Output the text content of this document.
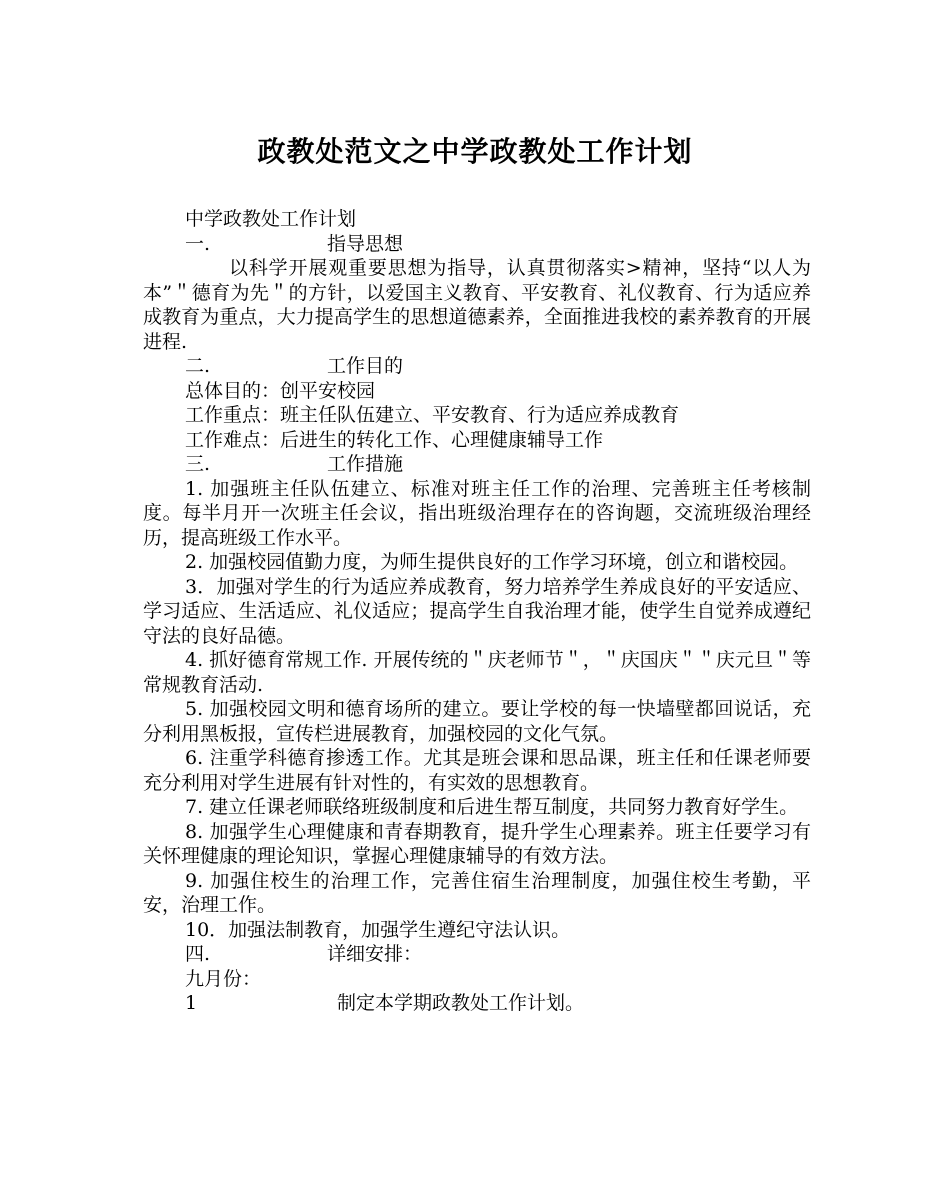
政教处范文之中学政教处工作计划

中学政教处工作计划

一.	指导思想

以科学开展观重要思想为指导，认真贯彻落实>精神，坚持“以人为本”＂德育为先＂的方针，以爱国主义教育、平安教育、礼仪教育、行为适应养成教育为重点，大力提高学生的思想道德素养，全面推进我校的素养教育的开展进程.

二.	工作目的

总体目的：创平安校园

工作重点：班主任队伍建立、平安教育、行为适应养成教育

工作难点：后进生的转化工作、心理健康辅导工作

三.	工作措施

1. 加强班主任队伍建立、标准对班主任工作的治理、完善班主任考核制度。每半月开一次班主任会议，指出班级治理存在的咨询题，交流班级治理经历，提高班级工作水平。

2. 加强校园值勤力度，为师生提供良好的工作学习环境，创立和谐校园。

3．加强对学生的行为适应养成教育，努力培养学生养成良好的平安适应、学习适应、生活适应、礼仪适应；提高学生自我治理才能，使学生自觉养成遵纪守法的良好品德。

4. 抓好德育常规工作. 开展传统的＂庆老师节＂，＂庆国庆＂＂庆元旦＂等常规教育活动.

5. 加强校园文明和德育场所的建立。要让学校的每一快墙壁都回说话，充分利用黑板报，宣传栏进展教育，加强校园的文化气氛。

6. 注重学科德育掺透工作。尤其是班会课和思品课，班主任和任课老师要充分利用对学生进展有针对性的，有实效的思想教育。

7. 建立任课老师联络班级制度和后进生帮互制度，共同努力教育好学生。

8. 加强学生心理健康和青春期教育，提升学生心理素养。班主任要学习有关怀理健康的理论知识，掌握心理健康辅导的有效方法。

9. 加强住校生的治理工作，完善住宿生治理制度，加强住校生考勤，平安，治理工作。

10．加强法制教育，加强学生遵纪守法认识。

四.	详细安排：

九月份：

1	制定本学期政教处工作计划。
